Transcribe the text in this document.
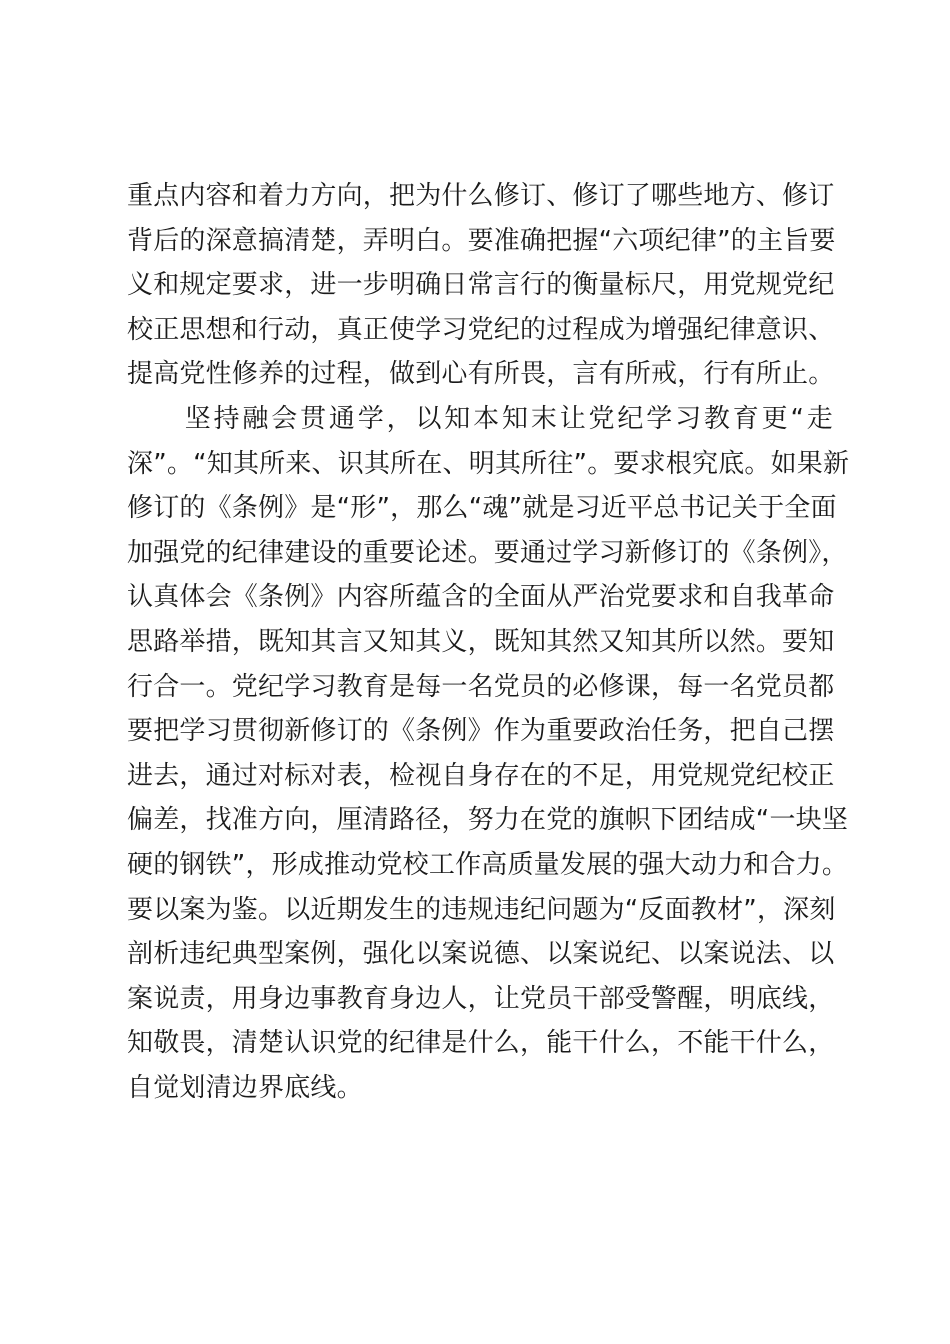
重点内容和着力方向，把为什么修订、修订了哪些地方、修订
背后的深意搞清楚，弄明白。要准确把握“六项纪律”的主旨要
义和规定要求，进一步明确日常言行的衡量标尺，用党规党纪
校正思想和行动，真正使学习党纪的过程成为增强纪律意识、
提高党性修养的过程，做到心有所畏，言有所戒，行有所止。
　　坚持融会贯通学，以知本知末让党纪学习教育更“走
深”。“知其所来、识其所在、明其所往”。要求根究底。如果新
修订的《条例》是“形”，那么“魂”就是习近平总书记关于全面
加强党的纪律建设的重要论述。要通过学习新修订的《条例》，
认真体会《条例》内容所蕴含的全面从严治党要求和自我革命
思路举措，既知其言又知其义，既知其然又知其所以然。要知
行合一。党纪学习教育是每一名党员的必修课，每一名党员都
要把学习贯彻新修订的《条例》作为重要政治任务，把自己摆
进去，通过对标对表，检视自身存在的不足，用党规党纪校正
偏差，找准方向，厘清路径，努力在党的旗帜下团结成“一块坚
硬的钢铁”，形成推动党校工作高质量发展的强大动力和合力。
要以案为鉴。以近期发生的违规违纪问题为“反面教材”，深刻
剖析违纪典型案例，强化以案说德、以案说纪、以案说法、以
案说责，用身边事教育身边人，让党员干部受警醒，明底线，
知敬畏，清楚认识党的纪律是什么，能干什么，不能干什么，
自觉划清边界底线。
